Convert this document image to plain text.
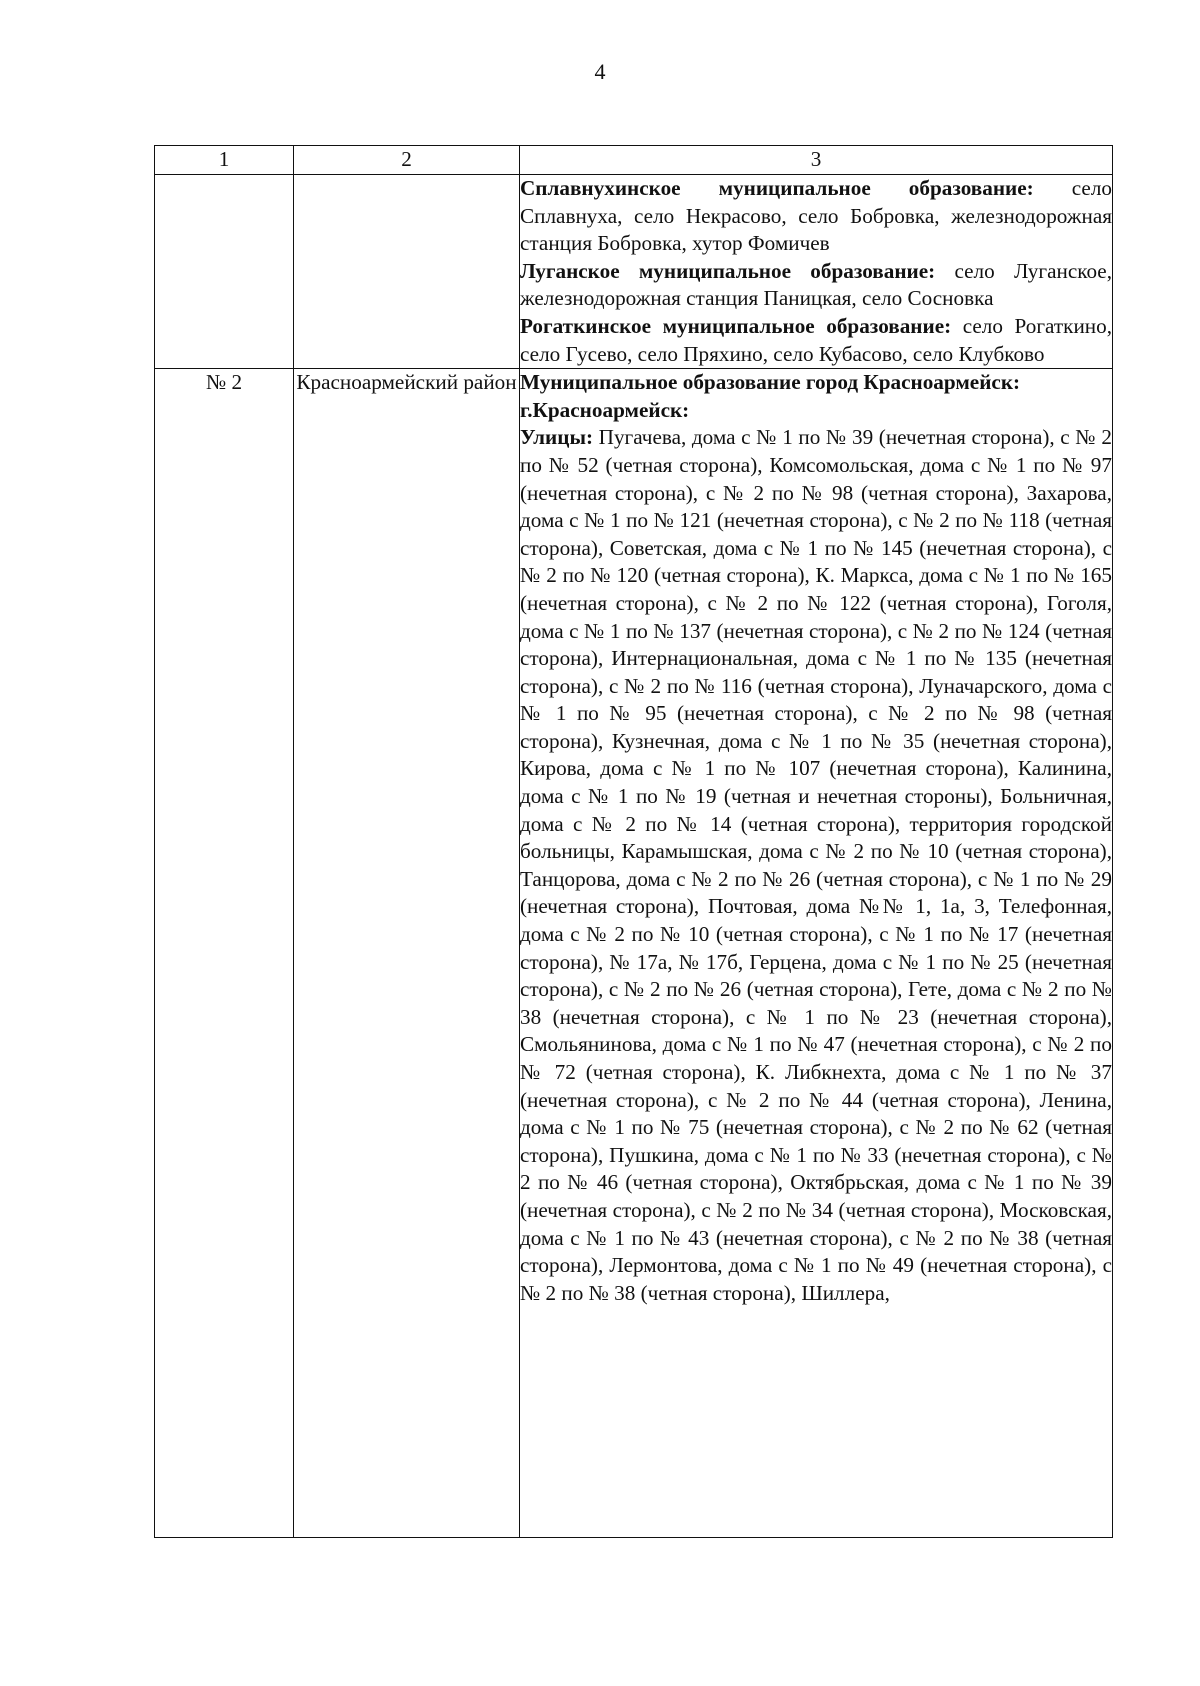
4
1	2	3

		Сплавнухинское муниципальное образование: село Сплавнуха, село Некрасово, село Бобровка, железнодорожная станция Бобровка, хутор Фомичев

Луганское муниципальное образование: село Луганское, железнодорожная станция Паницкая, село Сосновка

Рогаткинское муниципальное образование: село Рогаткино, село Гусево, село Пряхино, село Кубасово, село Клубково

№ 2	Красноармейский район	Муниципальное образование город Красноармейск:

г.Красноармейск:

Улицы: Пугачева, дома с № 1 по № 39 (нечетная сторона), с № 2 по № 52 (четная сторона), Комсомольская, дома с № 1 по № 97 (нечетная сторона), с № 2 по № 98 (четная сторона), Захарова, дома с № 1 по № 121 (нечетная сторона), с № 2 по № 118 (четная сторона), Советская, дома с № 1 по № 145 (нечетная сторона), с № 2 по № 120 (четная сторона), К. Маркса, дома с № 1 по № 165 (нечетная сторона), с № 2 по № 122 (четная сторона), Гоголя, дома с № 1 по № 137 (нечетная сторона), с № 2 по № 124 (четная сторона), Интернациональная, дома с № 1 по № 135 (нечетная сторона), с № 2 по № 116 (четная сторона), Луначарского, дома с № 1 по № 95 (нечетная сторона), с № 2 по № 98 (четная сторона), Кузнечная, дома с № 1 по № 35 (нечетная сторона), Кирова, дома с № 1 по № 107 (нечетная сторона), Калинина, дома с № 1 по № 19 (четная и нечетная стороны), Больничная, дома с № 2 по № 14 (четная сторона), территория городской больницы, Карамышская, дома с № 2 по № 10 (четная сторона), Танцорова, дома с № 2 по № 26 (четная сторона), с № 1 по № 29 (нечетная сторона), Почтовая, дома №№ 1, 1а, 3, Телефонная, дома с № 2 по № 10 (четная сторона), с № 1 по № 17 (нечетная сторона), № 17а, № 17б, Герцена, дома с № 1 по № 25 (нечетная сторона), с № 2 по № 26 (четная сторона), Гете, дома с № 2 по № 38 (нечетная сторона), с № 1 по № 23 (нечетная сторона), Смольянинова, дома с № 1 по № 47 (нечетная сторона), с № 2 по № 72 (четная сторона), К. Либкнехта, дома с № 1 по № 37 (нечетная сторона), с № 2 по № 44 (четная сторона), Ленина, дома с № 1 по № 75 (нечетная сторона), с № 2 по № 62 (четная сторона), Пушкина, дома с № 1 по № 33 (нечетная сторона), с № 2 по № 46 (четная сторона), Октябрьская, дома с № 1 по № 39 (нечетная сторона), с № 2 по № 34 (четная сторона), Московская, дома с № 1 по № 43 (нечетная сторона), с № 2 по № 38 (четная сторона), Лермонтова, дома с № 1 по № 49 (нечетная сторона), с № 2 по № 38 (четная сторона), Шиллера,
